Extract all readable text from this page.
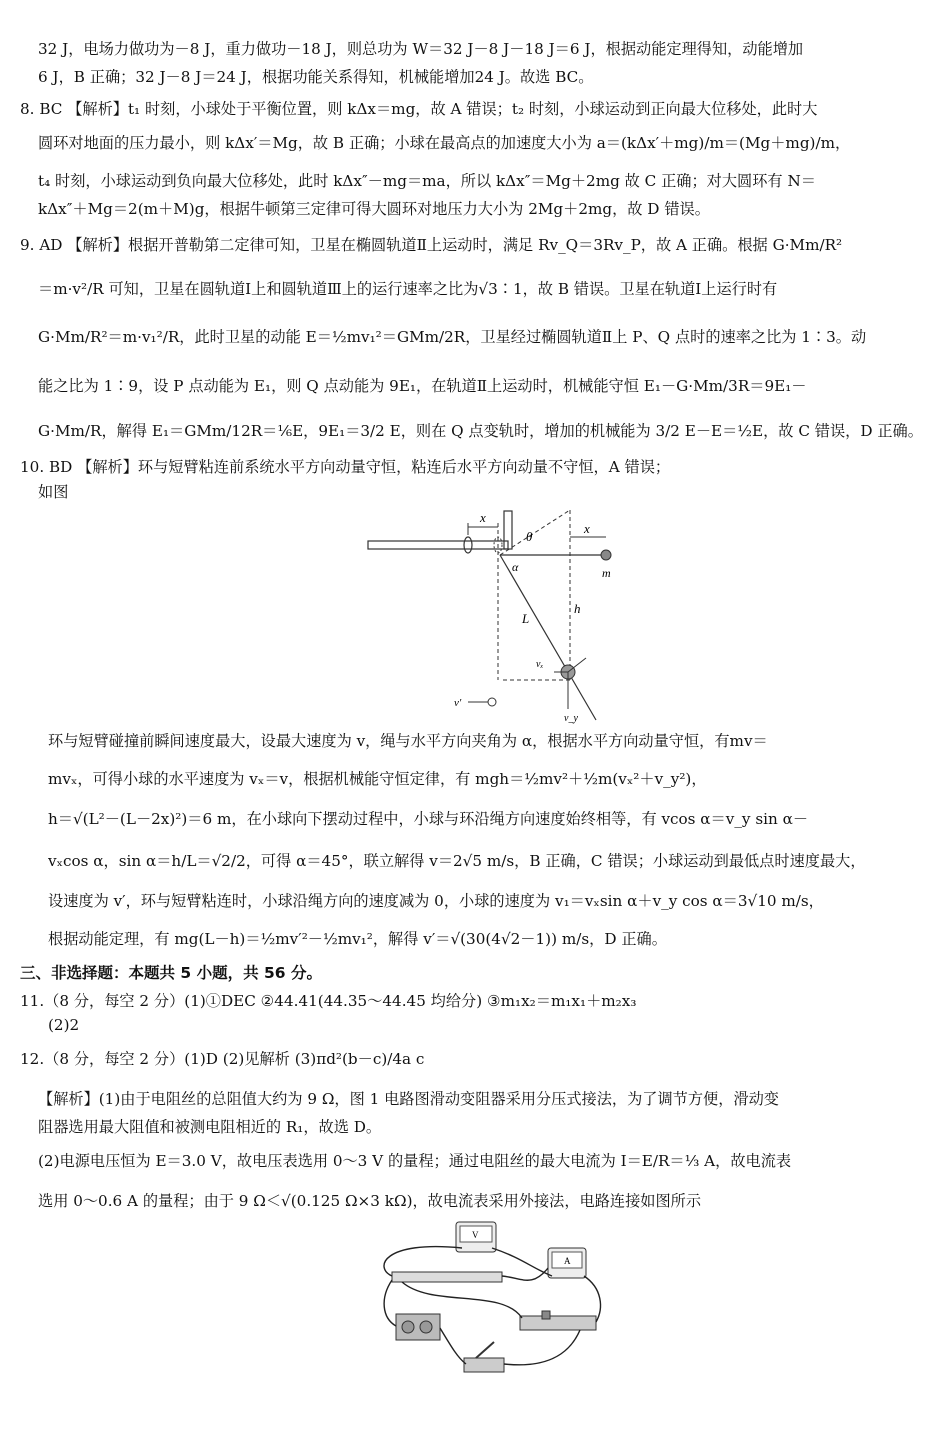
32 J，电场力做功为－8 J，重力做功－18 J，则总功为 W＝32 J－8 J－18 J＝6 J，根据动能定理得知，动能增加
6 J，B 正确；32 J－8 J＝24 J，根据功能关系得知，机械能增加24 J。故选 BC。
8. BC 【解析】t₁ 时刻，小球处于平衡位置，则 kΔx＝mg，故 A 错误；t₂ 时刻，小球运动到正向最大位移处，此时大
圆环对地面的压力最小，则 kΔx′＝Mg，故 B 正确；小球在最高点的加速度大小为 a＝(kΔx′＋mg)/m＝(Mg＋mg)/m，
t₄ 时刻，小球运动到负向最大位移处，此时 kΔx″－mg＝ma，所以 kΔx″＝Mg＋2mg 故 C 正确；对大圆环有 N＝
kΔx″＋Mg＝2(m＋M)g，根据牛顿第三定律可得大圆环对地压力大小为 2Mg＋2mg，故 D 错误。
9. AD 【解析】根据开普勒第二定律可知，卫星在椭圆轨道Ⅱ上运动时，满足 Rv_Q＝3Rv_P，故 A 正确。根据 G·Mm/R²
＝m·v²/R 可知，卫星在圆轨道Ⅰ上和圆轨道Ⅲ上的运行速率之比为√3∶1，故 B 错误。卫星在轨道Ⅰ上运行时有
G·Mm/R²＝m·v₁²/R，此时卫星的动能 E＝½mv₁²＝GMm/2R，卫星经过椭圆轨道Ⅱ上 P、Q 点时的速率之比为 1∶3。动
能之比为 1∶9，设 P 点动能为 E₁，则 Q 点动能为 9E₁，在轨道Ⅱ上运动时，机械能守恒 E₁－G·Mm/3R＝9E₁－
G·Mm/R，解得 E₁＝GMm/12R＝⅙E，9E₁＝3/2 E，则在 Q 点变轨时，增加的机械能为 3/2 E－E＝½E，故 C 错误，D 正确。
10. BD 【解析】环与短臂粘连前系统水平方向动量守恒，粘连后水平方向动量不守恒，A 错误；
如图
x
x
θ
α	m
L
h
vₓ
v_y
v′
环与短臂碰撞前瞬间速度最大，设最大速度为 v，绳与水平方向夹角为 α，根据水平方向动量守恒，有mv＝
mvₓ，可得小球的水平速度为 vₓ＝v，根据机械能守恒定律，有 mgh＝½mv²＋½m(vₓ²＋v_y²)，
h＝√(L²－(L－2x)²)＝6 m，在小球向下摆动过程中，小球与环沿绳方向速度始终相等，有 vcos α＝v_y sin α－
vₓcos α，sin α＝h/L＝√2/2，可得 α＝45°，联立解得 v＝2√5 m/s，B 正确，C 错误；小球运动到最低点时速度最大，
设速度为 v′，环与短臂粘连时，小球沿绳方向的速度减为 0，小球的速度为 v₁＝vₓsin α＋v_y cos α＝3√10 m/s，
根据动能定理，有 mg(L－h)＝½mv′²－½mv₁²，解得 v′＝√(30(4√2－1)) m/s，D 正确。
三、非选择题：本题共 5 小题，共 56 分。
11.（8 分，每空 2 分）(1)①DEC ②44.41(44.35～44.45 均给分) ③m₁x₂＝m₁x₁＋m₂x₃
(2)2
12.（8 分，每空 2 分）(1)D (2)见解析 (3)πd²(b－c)/4a c
【解析】(1)由于电阻丝的总阻值大约为 9 Ω，图 1 电路图滑动变阻器采用分压式接法，为了调节方便，滑动变
阻器选用最大阻值和被测电阻相近的 R₁，故选 D。
(2)电源电压恒为 E＝3.0 V，故电压表选用 0～3 V 的量程；通过电阻丝的最大电流为 I＝E/R＝⅓ A，故电流表
选用 0～0.6 A 的量程；由于 9 Ω＜√(0.125 Ω×3 kΩ)，故电流表采用外接法，电路连接如图所示
V
A
